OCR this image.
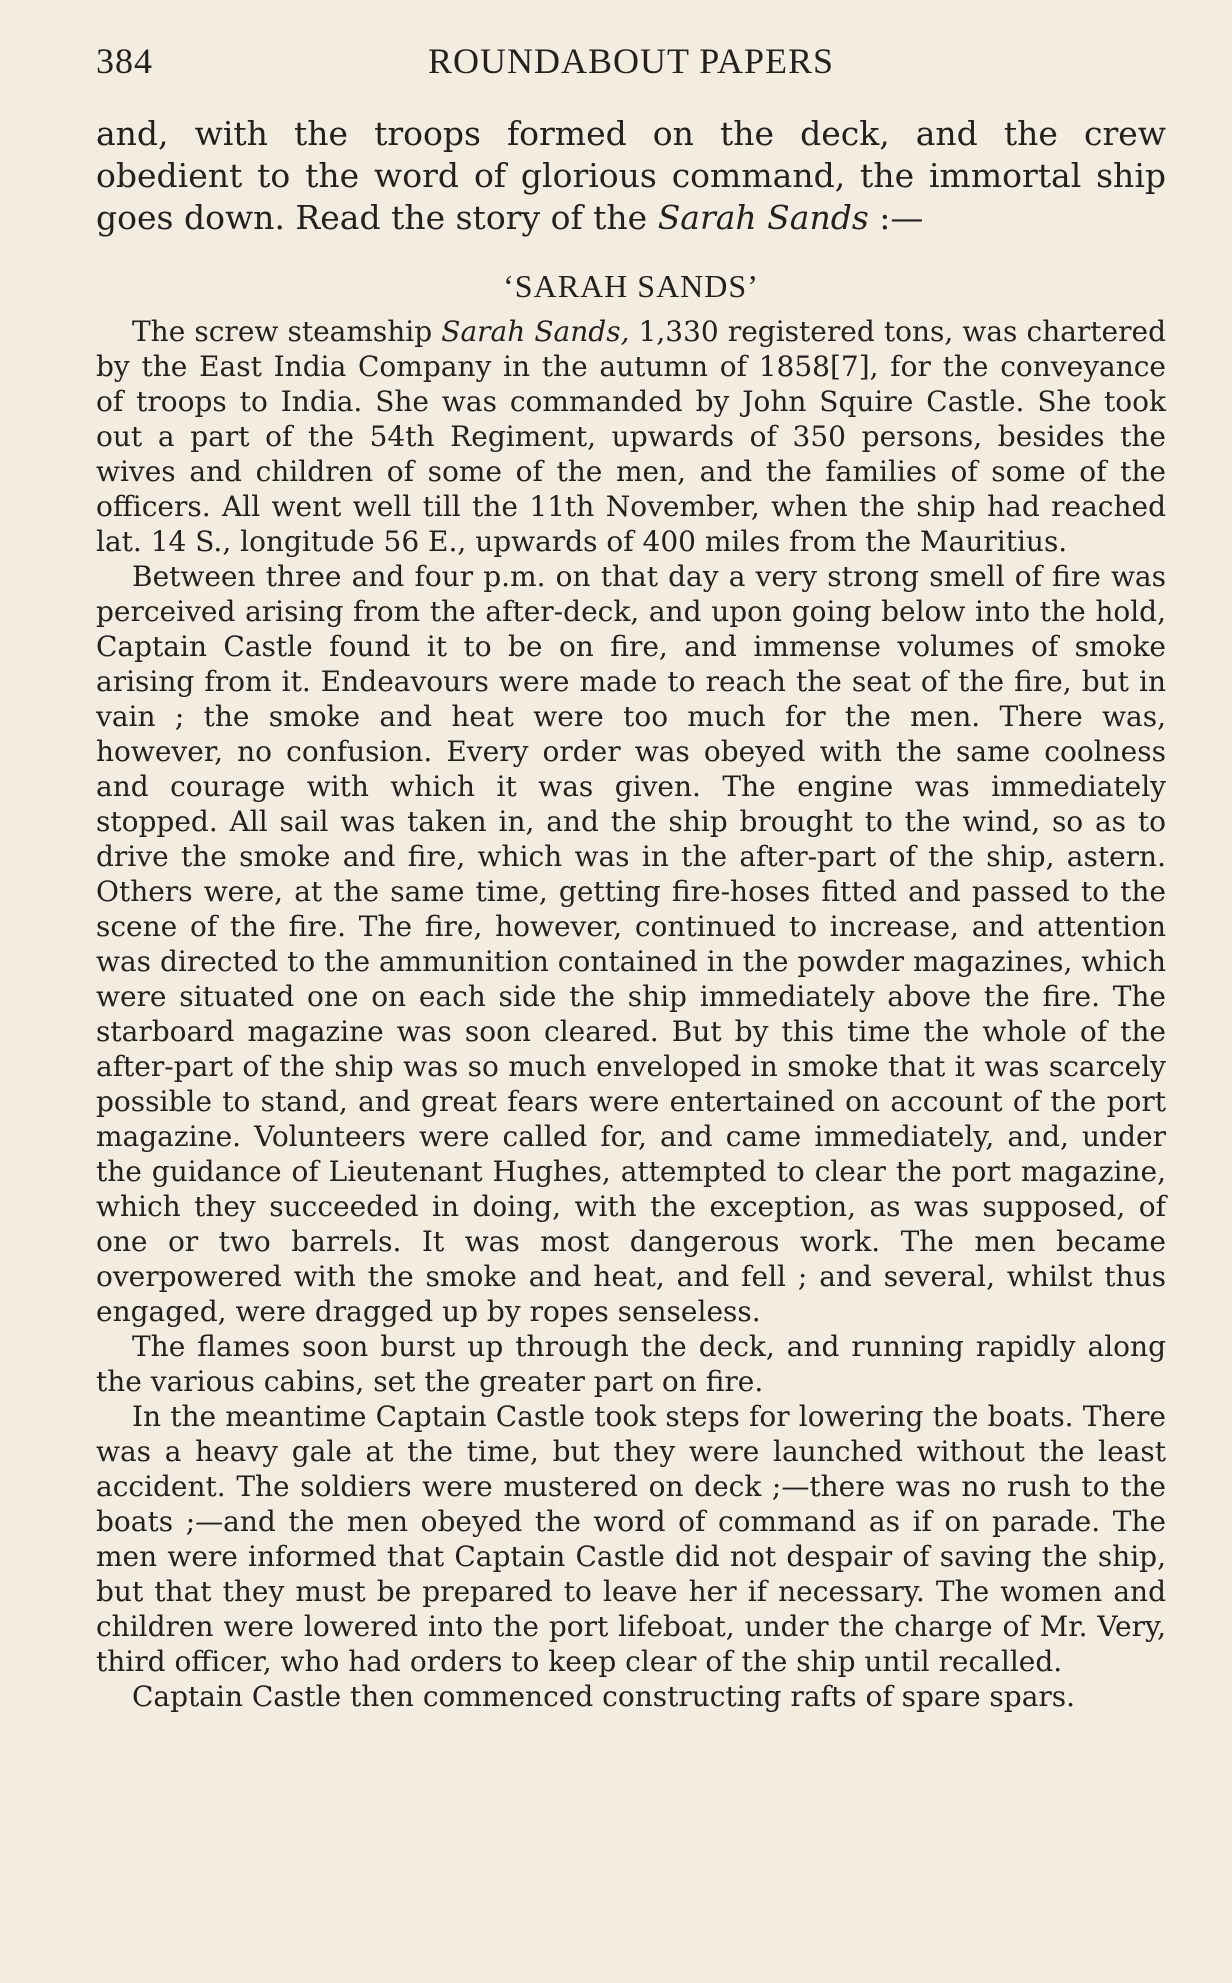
384	ROUNDABOUT PAPERS

and, with the troops formed on the deck, and the crew obedient to the word of glorious command, the immortal ship goes down. Read the story of the Sarah Sands :—

‘SARAH SANDS’

The screw steamship Sarah Sands, 1,330 registered tons, was chartered by the East India Company in the autumn of 1858[7], for the conveyance of troops to India. She was commanded by John Squire Castle. She took out a part of the 54th Regiment, upwards of 350 persons, besides the wives and children of some of the men, and the families of some of the officers. All went well till the 11th November, when the ship had reached lat. 14 S., longitude 56 E., upwards of 400 miles from the Mauritius.

Between three and four p.m. on that day a very strong smell of fire was perceived arising from the after-deck, and upon going below into the hold, Captain Castle found it to be on fire, and immense volumes of smoke arising from it. Endeavours were made to reach the seat of the fire, but in vain ; the smoke and heat were too much for the men. There was, however, no confusion. Every order was obeyed with the same coolness and courage with which it was given. The engine was immediately stopped. All sail was taken in, and the ship brought to the wind, so as to drive the smoke and fire, which was in the after-part of the ship, astern. Others were, at the same time, getting fire-hoses fitted and passed to the scene of the fire. The fire, however, continued to increase, and attention was directed to the ammunition contained in the powder magazines, which were situated one on each side the ship immediately above the fire. The starboard magazine was soon cleared. But by this time the whole of the after-part of the ship was so much enveloped in smoke that it was scarcely possible to stand, and great fears were entertained on account of the port magazine. Volunteers were called for, and came immediately, and, under the guidance of Lieutenant Hughes, attempted to clear the port magazine, which they succeeded in doing, with the exception, as was supposed, of one or two barrels. It was most dangerous work. The men became overpowered with the smoke and heat, and fell ; and several, whilst thus engaged, were dragged up by ropes senseless.

The flames soon burst up through the deck, and running rapidly along the various cabins, set the greater part on fire.

In the meantime Captain Castle took steps for lowering the boats. There was a heavy gale at the time, but they were launched without the least accident. The soldiers were mustered on deck ;—there was no rush to the boats ;—and the men obeyed the word of command as if on parade. The men were informed that Captain Castle did not despair of saving the ship, but that they must be prepared to leave her if necessary. The women and children were lowered into the port lifeboat, under the charge of Mr. Very, third officer, who had orders to keep clear of the ship until recalled.

Captain Castle then commenced constructing rafts of spare spars.
